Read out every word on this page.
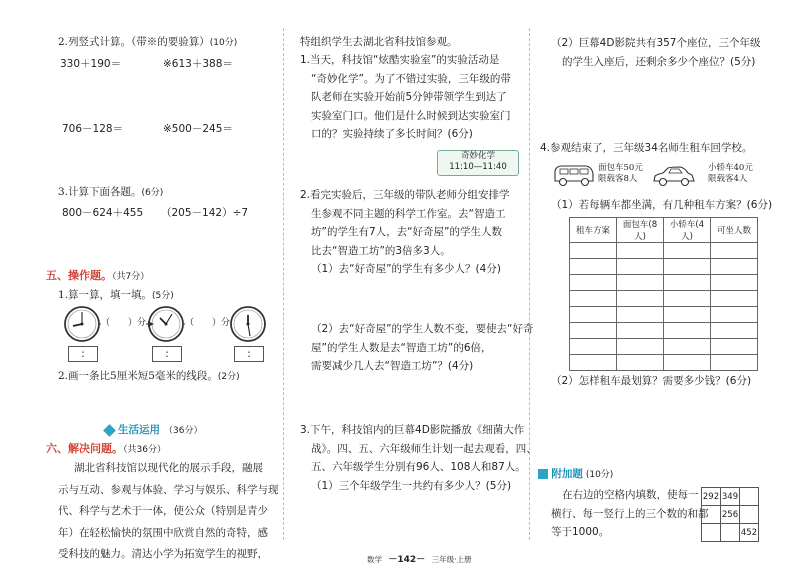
2.列竖式计算。（带※的要验算）(10分)
330＋190＝	※613＋388＝
706－128＝	※500－245＝
3.计算下面各题。(6分)
800－624＋455 （205－142）÷7
五、操作题。（共7分）
1.算一算，填一填。(5分)
（　　）分	（　　）分
:	:	:
2.画一条比5厘米短5毫米的线段。(2分)
生活运用 （36分）
六、解决问题。（共36分）
湖北省科技馆以现代化的展示手段，融展
示与互动、参观与体验、学习与娱乐、科学与现
代、科学与艺术于一体，使公众（特别是青少
年）在轻松愉快的氛围中欣赏自然的奇特，感
受科技的魅力。清达小学为拓宽学生的视野，
特组织学生去湖北省科技馆参观。
1.当天，科技馆“炫酷实验室”的实验活动是
“奇妙化学”。为了不错过实验，三年级的带
队老师在实验开始前5分钟带领学生到达了
实验室门口。他们是什么时候到达实验室门
口的？实验持续了多长时间？(6分)
奇妙化学
11:10—11:40
2.看完实验后，三年级的带队老师分组安排学
生参观不同主题的科学工作室。去“智造工
坊”的学生有7人，去“好奇屋”的学生人数
比去“智造工坊”的3倍多3人。
（1）去“好奇屋”的学生有多少人？(4分)
（2）去“好奇屋”的学生人数不变，要使去“好奇
屋”的学生人数是去“智造工坊”的6倍，
需要减少几人去“智造工坊”？(4分)
3.下午，科技馆内的巨幕4D影院播放《细菌大作
战》。四、五、六年级师生计划一起去观看，四、
五、六年级学生分别有96人、108人和87人。
（1）三个年级学生一共约有多少人？(5分)
（2）巨幕4D影院共有357个座位，三个年级
的学生入座后，还剩余多少个座位？(5分)
4.参观结束了，三年级34名师生租车回学校。
面包车50元
限载客8人
小轿车40元
限载客4人
（1）若每辆车都坐满，有几种租车方案？(6分)
租车方案	面包车(8人)	小轿车(4人)	可坐人数

（2）怎样租车最划算？需要多少钱？(6分)
附加题 (10分)
在右边的空格内填数，使每一
横行、每一竖行上的三个数的和都
等于1000。
292	349	
	256	
		452
数学 －142－ 三年级·上册
